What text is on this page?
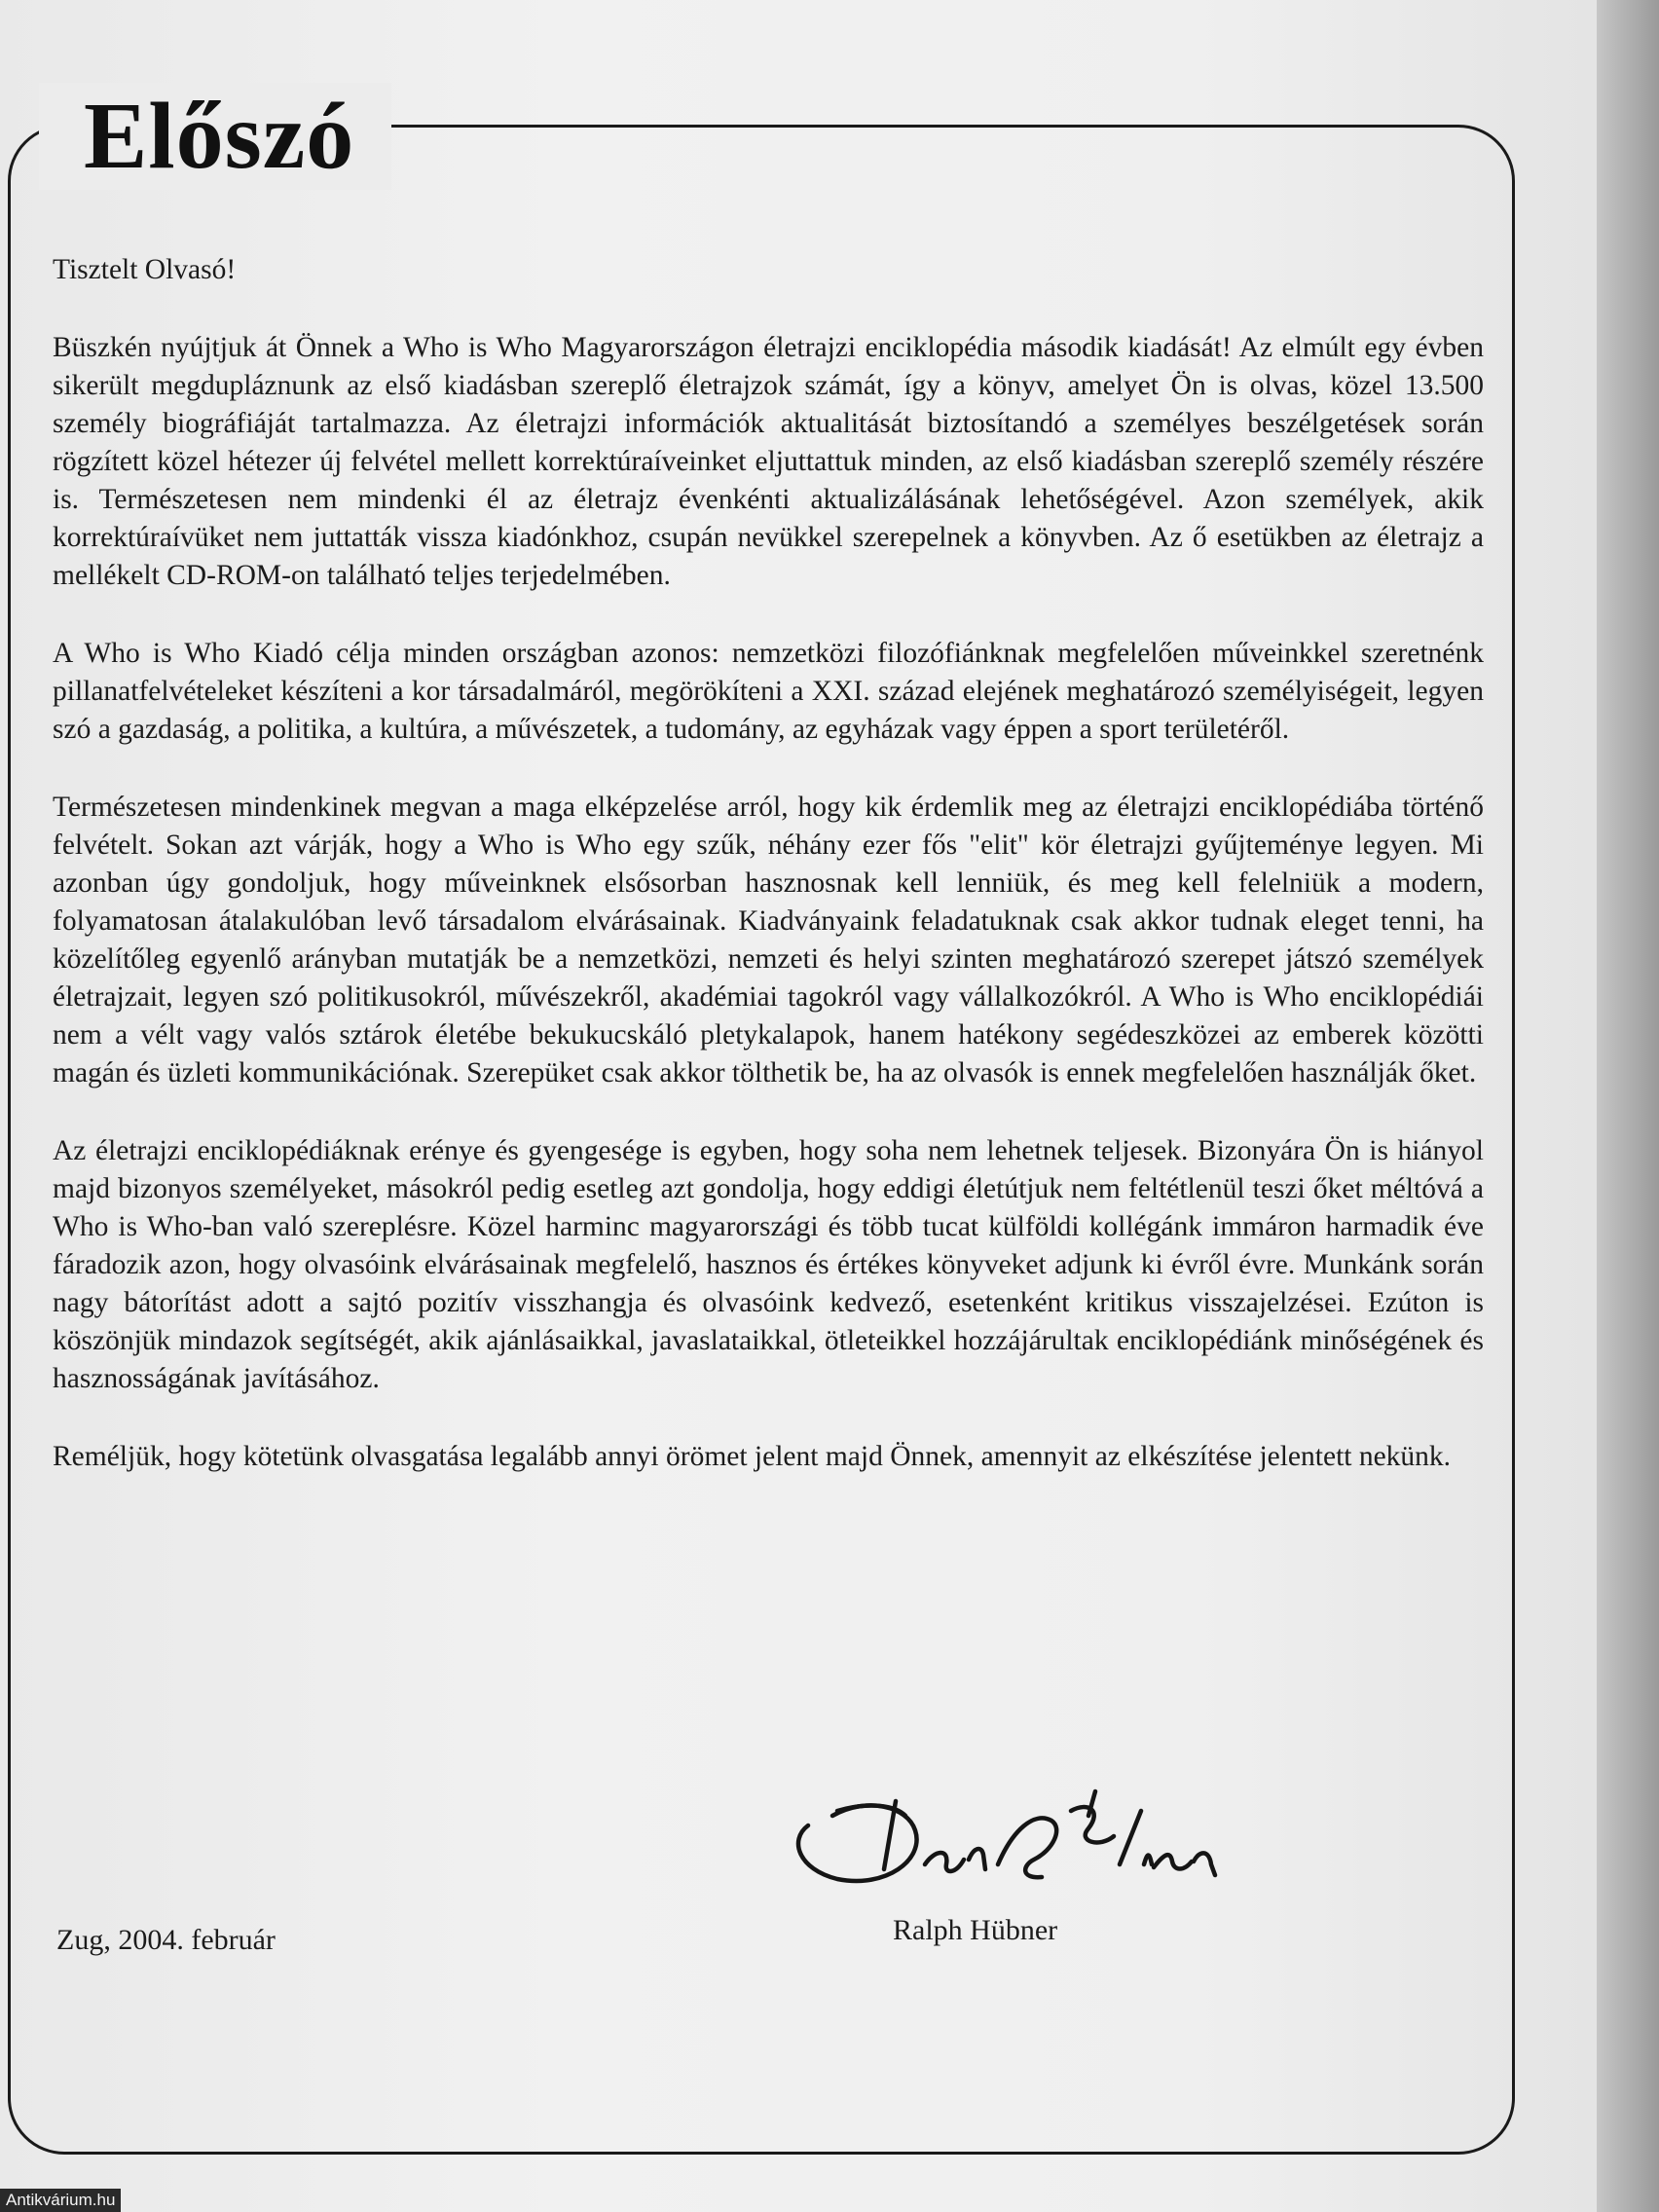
Előszó

Tisztelt Olvasó!

Büszkén nyújtjuk át Önnek a Who is Who Magyarországon életrajzi enciklopédia második kiadását! Az elmúlt egy évben sikerült megdupláznunk az első kiadásban szereplő életrajzok számát, így a könyv, amelyet Ön is olvas, közel 13.500 személy biográfiáját tartalmazza. Az életrajzi információk aktualitását biztosítandó a személyes beszélgetések során rögzített közel hétezer új felvétel mellett korrektúraíveinket eljuttattuk minden, az első kiadásban szereplő személy részére is. Természetesen nem mindenki él az életrajz évenkénti aktualizálásának lehetőségével. Azon személyek, akik korrektúraívüket nem juttatták vissza kiadónkhoz, csupán nevükkel szerepelnek a könyvben. Az ő esetükben az életrajz a mellékelt CD-ROM-on található teljes terjedelmében.

A Who is Who Kiadó célja minden országban azonos: nemzetközi filozófiánknak megfelelően műveinkkel szeretnénk pillanatfelvételeket készíteni a kor társadalmáról, megörökíteni a XXI. század elejének meghatározó személyiségeit, legyen szó a gazdaság, a politika, a kultúra, a művészetek, a tudomány, az egyházak vagy éppen a sport területéről.

Természetesen mindenkinek megvan a maga elképzelése arról, hogy kik érdemlik meg az életrajzi enciklopédiába történő felvételt. Sokan azt várják, hogy a Who is Who egy szűk, néhány ezer fős "elit" kör életrajzi gyűjteménye legyen. Mi azonban úgy gondoljuk, hogy műveinknek elsősorban hasznosnak kell lenniük, és meg kell felelniük a modern, folyamatosan átalakulóban levő társadalom elvárásainak. Kiadványaink feladatuknak csak akkor tudnak eleget tenni, ha közelítőleg egyenlő arányban mutatják be a nemzetközi, nemzeti és helyi szinten meghatározó szerepet játszó személyek életrajzait, legyen szó politikusokról, művészekről, akadémiai tagokról vagy vállalkozókról. A Who is Who enciklopédiái nem a vélt vagy valós sztárok életébe bekukucskáló pletykalapok, hanem hatékony segédeszközei az emberek közötti magán és üzleti kommunikációnak. Szerepüket csak akkor tölthetik be, ha az olvasók is ennek megfelelően használják őket.

Az életrajzi enciklopédiáknak erénye és gyengesége is egyben, hogy soha nem lehetnek teljesek. Bizonyára Ön is hiányol majd bizonyos személyeket, másokról pedig esetleg azt gondolja, hogy eddigi életútjuk nem feltétlenül teszi őket méltóvá a Who is Who-ban való szereplésre. Közel harminc magyarországi és több tucat külföldi kollégánk immáron harmadik éve fáradozik azon, hogy olvasóink elvárásainak megfelelő, hasznos és értékes könyveket adjunk ki évről évre. Munkánk során nagy bátorítást adott a sajtó pozitív visszhangja és olvasóink kedvező, esetenként kritikus visszajelzései. Ezúton is köszönjük mindazok segítségét, akik ajánlásaikkal, javaslataikkal, ötleteikkel hozzájárultak enciklopédiánk minőségének és hasznosságának javításához.

Reméljük, hogy kötetünk olvasgatása legalább annyi örömet jelent majd Önnek, amennyit az elkészítése jelentett nekünk.

Zug, 2004. február	Ralph Hübner
Antikvárium.hu
